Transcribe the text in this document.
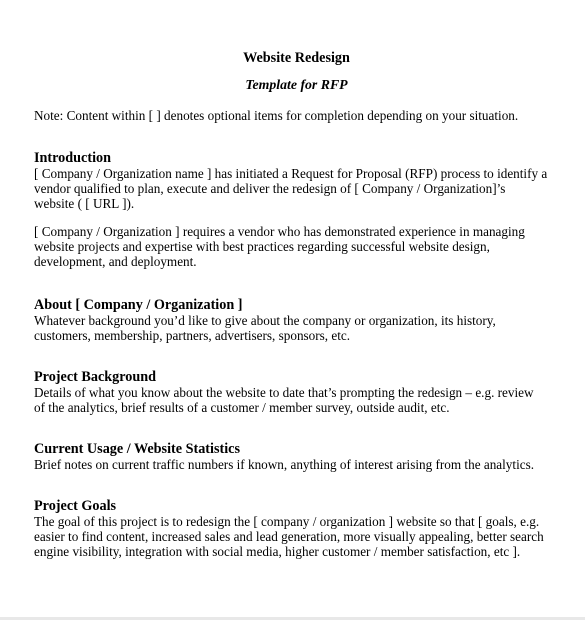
Website Redesign
Template for RFP
Note: Content within [ ] denotes optional items for completion depending on your situation.
Introduction
[ Company / Organization name ] has initiated a Request for Proposal (RFP) process to identify a
vendor qualified to plan, execute and deliver the redesign of [ Company / Organization]’s
website ( [ URL ]).
[ Company / Organization ] requires a vendor who has demonstrated experience in managing
website projects and expertise with best practices regarding successful website design,
development, and deployment.
About [ Company / Organization ]
Whatever background you’d like to give about the company or organization, its history,
customers, membership, partners, advertisers, sponsors, etc.
Project Background
Details of what you know about the website to date that’s prompting the redesign – e.g. review
of the analytics, brief results of a customer / member survey, outside audit, etc.
Current Usage / Website Statistics
Brief notes on current traffic numbers if known, anything of interest arising from the analytics.
Project Goals
The goal of this project is to redesign the [ company / organization ] website so that [ goals, e.g.
easier to find content, increased sales and lead generation, more visually appealing, better search
engine visibility, integration with social media, higher customer / member satisfaction, etc ].
